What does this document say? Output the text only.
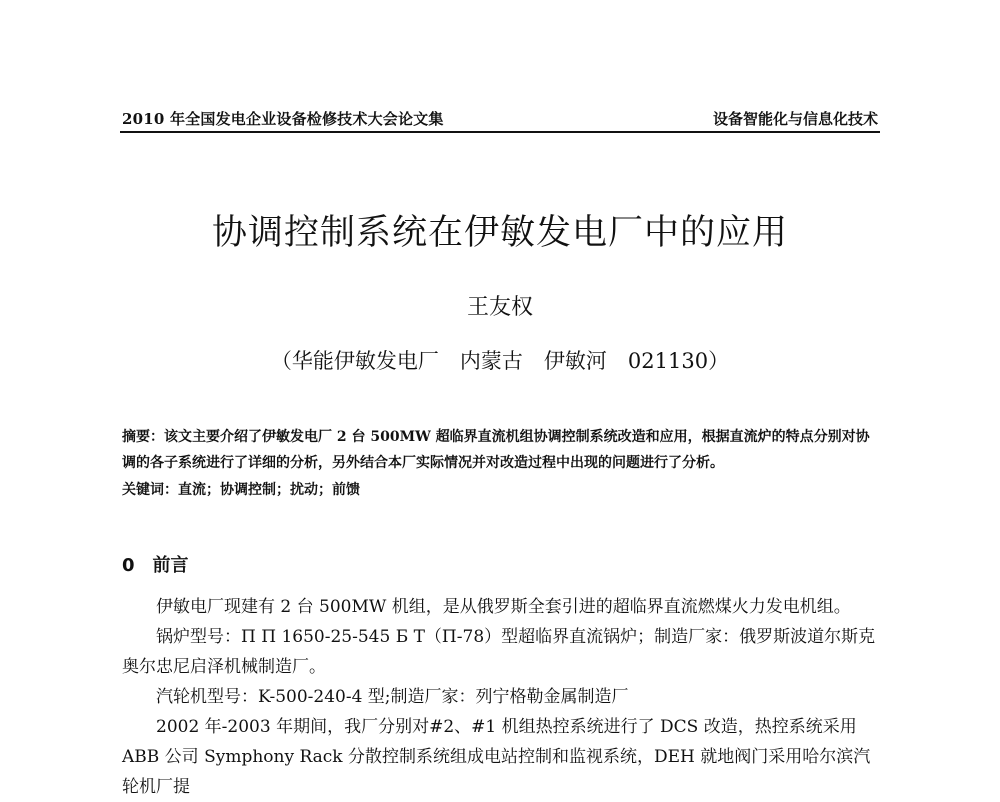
2010 年全国发电企业设备检修技术大会论文集	设备智能化与信息化技术
协调控制系统在伊敏发电厂中的应用
王友权
（华能伊敏发电厂　内蒙古　伊敏河　021130）
摘要：该文主要介绍了伊敏发电厂 2 台 500MW 超临界直流机组协调控制系统改造和应用，根据直流炉的特点分别对协调的各子系统进行了详细的分析，另外结合本厂实际情况并对改造过程中出现的问题进行了分析。
关键词：直流；协调控制；扰动；前馈
0 前言
伊敏电厂现建有 2 台 500MW 机组，是从俄罗斯全套引进的超临界直流燃煤火力发电机组。
锅炉型号：П П 1650-25-545 Б Т（П-78）型超临界直流锅炉；制造厂家：俄罗斯波道尔斯克奥尔忠尼启泽机械制造厂。
汽轮机型号：K-500-240-4 型;制造厂家：列宁格勒金属制造厂
2002 年-2003 年期间，我厂分别对#2、#1 机组热控系统进行了 DCS 改造，热控系统采用 ABB 公司 Symphony Rack 分散控制系统组成电站控制和监视系统，DEH 就地阀门采用哈尔滨汽轮机厂提
